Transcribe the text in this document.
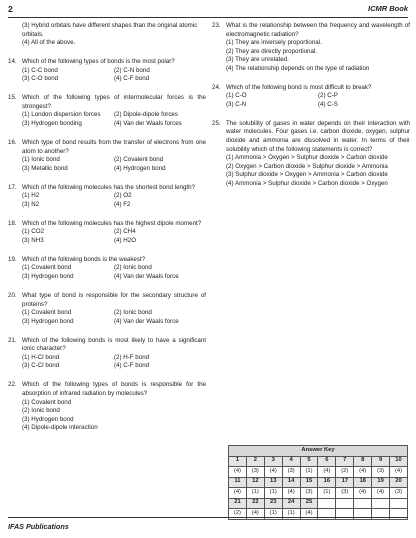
2	ICMR Book
(3) Hybrid orbitals have different shapes than the original atomic orbitals.
(4) All of the above.
14. Which of the following types of bonds is the most polar?
(1) C-C bond	(2) C-N bond
(3) C-O bond	(4) C-F bond
15. Which of the following types of intermolecular forces is the strongest?
(1) London dispersion forces	(2) Dipole-dipole forces
(3) Hydrogen bonding	(4) Van der Waals forces
16. Which type of bond results from the transfer of electrons from one atom to another?
(1) Ionic bond	(2) Covalent bond
(3) Metallic bond	(4) Hydrogen bond
17. Which of the following molecules has the shortest bond length?
(1) H2	(2) O2
(3) N2	(4) F2
18. Which of the following molecules has the highest dipole moment?
(1) CO2	(2) CH4
(3) NH3	(4) H2O
19. Which of the following bonds is the weakest?
(1) Covalent bond	(2) Ionic bond
(3) Hydrogen bond	(4) Van der Waals force
20. What type of bond is responsible for the secondary structure of proteins?
(1) Covalent bond	(2) Ionic bond
(3) Hydrogen bond	(4) Van der Waals force
21. Which of the following bonds is most likely to have a significant ionic character?
(1) H-Cl bond	(2) H-F bond
(3) C-Cl bond	(4) C-F bond
22. Which of the following types of bonds is responsible for the absorption of infrared radiation by molecules?
(1) Covalent bond
(2) Ionic bond
(3) Hydrogen bond
(4) Dipole-dipole interaction
23. What is the relationship between the frequency and wavelength of electromagnetic radiation?
(1) They are inversely proportional.
(2) They are directly proportional.
(3) They are unrelated.
(4) The relationship depends on the type of radiation
24. Which of the following bond is most difficult to break?
(1) C-O	(2) C-P
(3) C-N	(4) C-S
25. The solubility of gases in water depends on their interaction with water molecules. Four gases i.e. carbon dioxide, oxygen, sulphur dioxide and ammonia are dissolved in water. In terms of their solubility which of the following statements is correct?
(1) Ammonia > Oxygen > Sulphur dioxide > Carbon dioxide
(2) Oxygen > Carbon dioxide > Sulphur dioxide > Ammonia
(3) Sulphur dioxide > Oxygen > Ammonia > Carbon dioxide
(4) Ammonia > Sulphur dioxide > Carbon dioxide > Oxygen
Answer Key									
1	2	3	4	5	6	7	8	9	10
(4)	(3)	(4)	(3)	(1)	(4)	(2)	(4)	(3)	(4)
11	12	13	14	15	16	17	18	19	20
(4)	(1)	(1)	(4)	(3)	(1)	(3)	(4)	(4)	(3)
21	22	23	24	25					
(2)	(4)	(1)	(1)	(4)					
IFAS Publications
